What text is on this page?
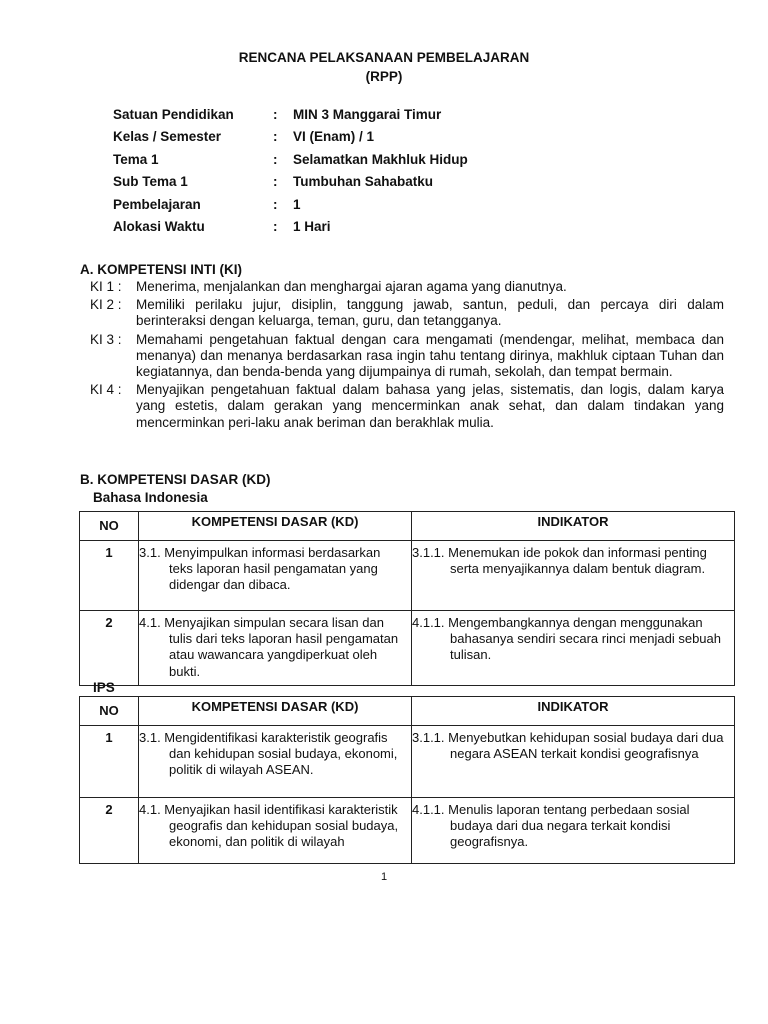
RENCANA PELAKSANAAN PEMBELAJARAN
(RPP)
Satuan Pendidikan	:	MIN 3 Manggarai Timur
Kelas / Semester	:	VI (Enam) / 1
Tema 1	:	Selamatkan Makhluk Hidup
Sub Tema 1	:	Tumbuhan Sahabatku
Pembelajaran	:	1
Alokasi Waktu	:	1 Hari
A. KOMPETENSI INTI (KI)
KI 1 :	Menerima, menjalankan dan menghargai ajaran agama yang dianutnya.
KI 2 :	Memiliki perilaku jujur, disiplin, tanggung jawab, santun, peduli, dan percaya diri dalam berinteraksi dengan keluarga, teman, guru, dan tetangganya.
KI 3 :	Memahami pengetahuan faktual dengan cara mengamati (mendengar, melihat, membaca dan menanya) dan menanya berdasarkan rasa ingin tahu tentang dirinya, makhluk ciptaan Tuhan dan kegiatannya, dan benda-benda yang dijumpainya di rumah, sekolah, dan tempat bermain.
KI 4 :	Menyajikan pengetahuan faktual dalam bahasa yang jelas, sistematis, dan logis, dalam karya yang estetis, dalam gerakan yang mencerminkan anak sehat, dan dalam tindakan yang mencerminkan peri-laku anak beriman dan berakhlak mulia.
B. KOMPETENSI DASAR (KD)
Bahasa Indonesia
NO	KOMPETENSI DASAR (KD)	INDIKATOR
1	3.1. Menyimpulkan informasi berdasarkan teks laporan hasil pengamatan yang didengar dan dibaca.	3.1.1. Menemukan ide pokok dan informasi penting serta menyajikannya dalam bentuk diagram.

2	4.1. Menyajikan simpulan secara lisan dan tulis dari teks laporan hasil pengamatan atau wawancara yangdiperkuat oleh bukti.	4.1.1. Mengembangkannya dengan menggunakan bahasanya sendiri secara rinci menjadi sebuah tulisan.
IPS
NO	KOMPETENSI DASAR (KD)	INDIKATOR
1	3.1. Mengidentifikasi karakteristik geografis dan kehidupan sosial budaya, ekonomi, politik di wilayah ASEAN.	3.1.1. Menyebutkan kehidupan sosial budaya dari dua negara ASEAN terkait kondisi geografisnya

2	4.1. Menyajikan hasil identifikasi karakteristik geografis dan kehidupan sosial budaya, ekonomi, dan politik di wilayah	4.1.1. Menulis laporan tentang perbedaan sosial budaya dari dua negara terkait kondisi geografisnya.
1
